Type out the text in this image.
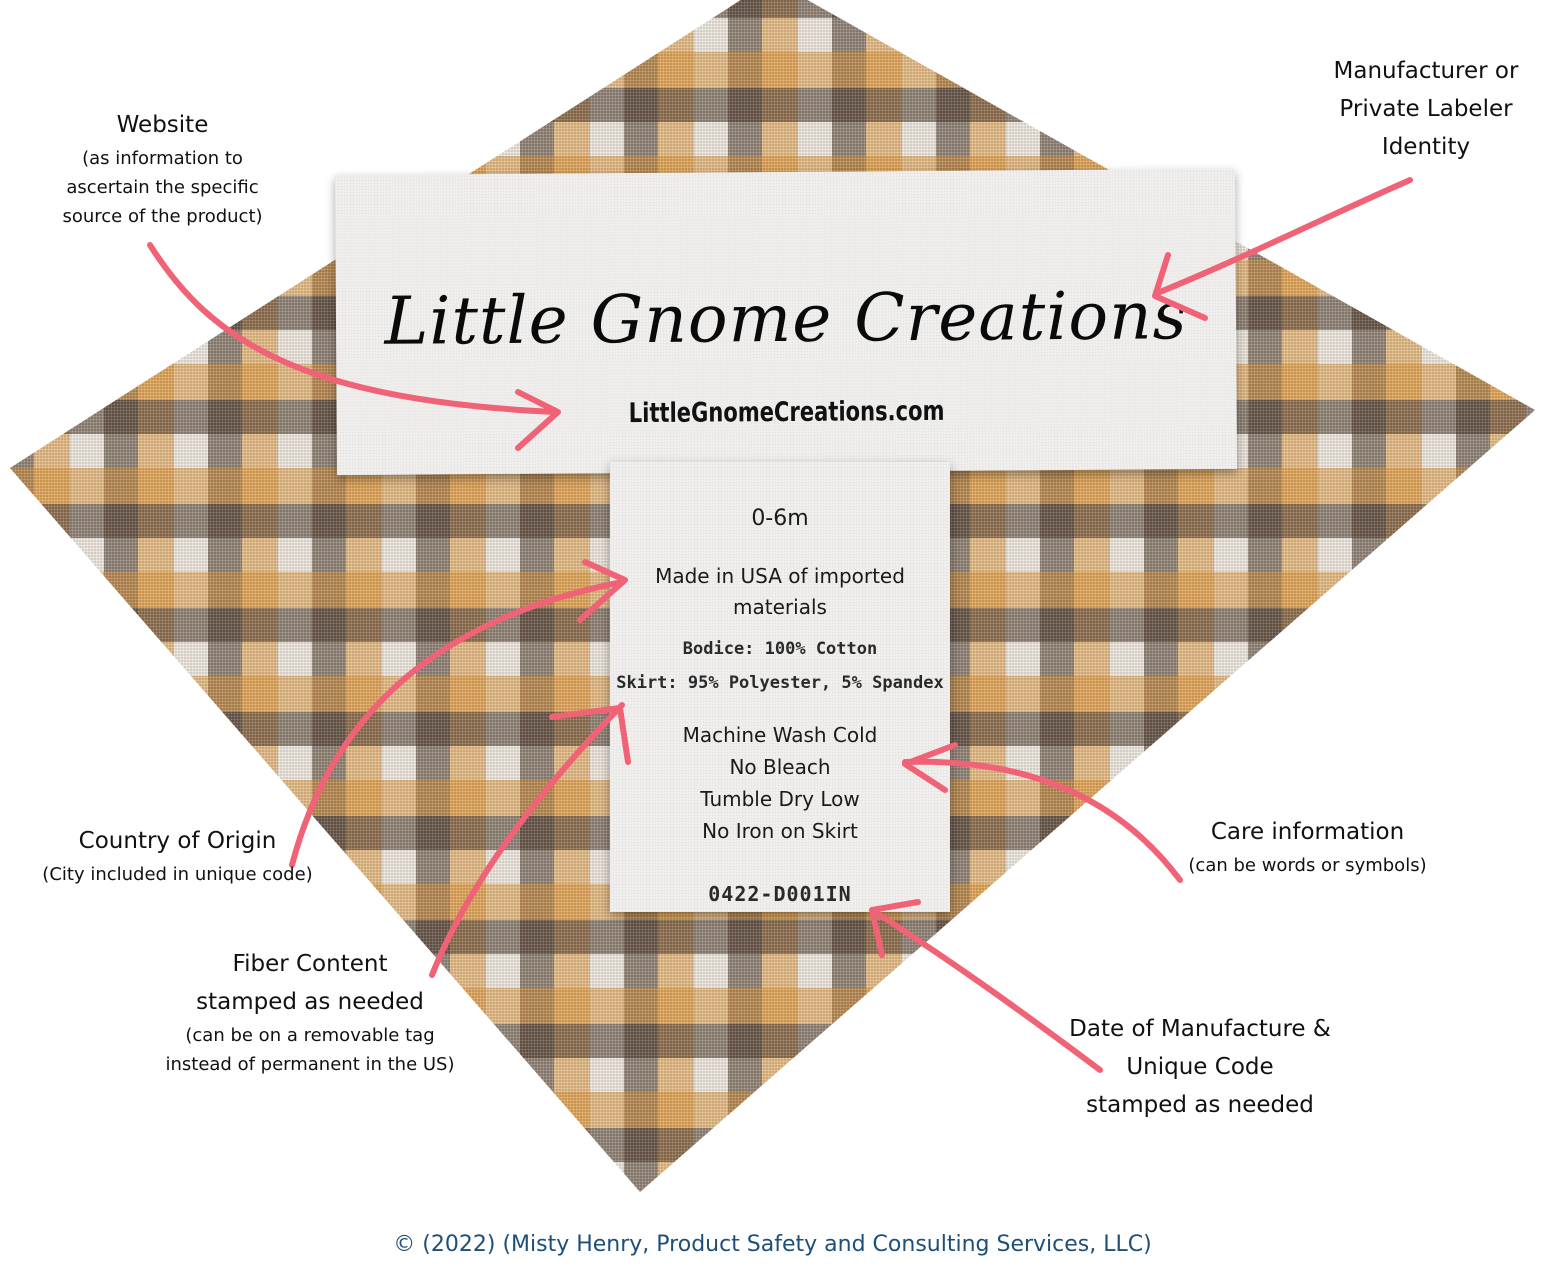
Little Gnome Creations
LittleGnomeCreations.com
0-6m
Made in USA of imported
materials
Bodice: 100% Cotton
Skirt: 95% Polyester, 5% Spandex
Machine Wash Cold
No Bleach
Tumble Dry Low
No Iron on Skirt
0422-D001IN
Website
(as information to
ascertain the specific
source of the product)
Manufacturer or
Private Labeler
Identity
Country of Origin
(City included in unique code)
Care information
(can be words or symbols)
Fiber Content
stamped as needed
(can be on a removable tag
instead of permanent in the US)
Date of Manufacture &
Unique Code
stamped as needed
© (2022) (Misty Henry, Product Safety and Consulting Services, LLC)
